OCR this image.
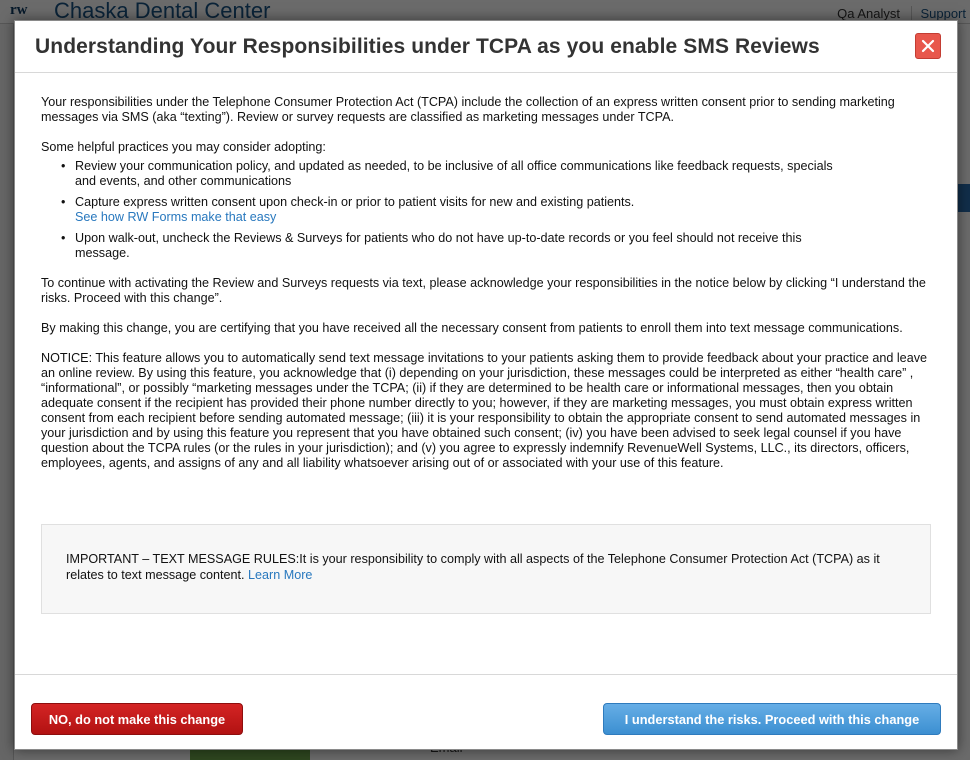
Understanding Your Responsibilities under TCPA as you enable SMS Reviews

Your responsibilities under the Telephone Consumer Protection Act (TCPA) include the collection of an express written consent prior to sending marketing messages via SMS (aka “texting”). Review or survey requests are classified as marketing messages under TCPA.

Some helpful practices you may consider adopting:

• Review your communication policy, and updated as needed, to be inclusive of all office communications like feedback requests, specials and events, and other communications
• Capture express written consent upon check-in or prior to patient visits for new and existing patients.
See how RW Forms make that easy
• Upon walk-out, uncheck the Reviews & Surveys for patients who do not have up-to-date records or you feel should not receive this message.

To continue with activating the Review and Surveys requests via text, please acknowledge your responsibilities in the notice below by clicking “I understand the risks. Proceed with this change”.

By making this change, you are certifying that you have received all the necessary consent from patients to enroll them into text message communications.

NOTICE: This feature allows you to automatically send text message invitations to your patients asking them to provide feedback about your practice and leave an online review. By using this feature, you acknowledge that (i) depending on your jurisdiction, these messages could be interpreted as either “health care” , “informational”, or possibly “marketing messages under the TCPA; (ii) if they are determined to be health care or informational messages, then you obtain adequate consent if the recipient has provided their phone number directly to you; however, if they are marketing messages, you must obtain express written consent from each recipient before sending automated message; (iii) it is your responsibility to obtain the appropriate consent to send automated messages in your jurisdiction and by using this feature you represent that you have obtained such consent; (iv) you have been advised to seek legal counsel if you have question about the TCPA rules (or the rules in your jurisdiction); and (v) you agree to expressly indemnify RevenueWell Systems, LLC., its directors, officers, employees, agents, and assigns of any and all liability whatsoever arising out of or associated with your use of this feature.

IMPORTANT – TEXT MESSAGE RULES:It is your responsibility to comply with all aspects of the Telephone Consumer Protection Act (TCPA) as it relates to text message content. Learn More
NO, do not make this change	I understand the risks. Proceed with this change
